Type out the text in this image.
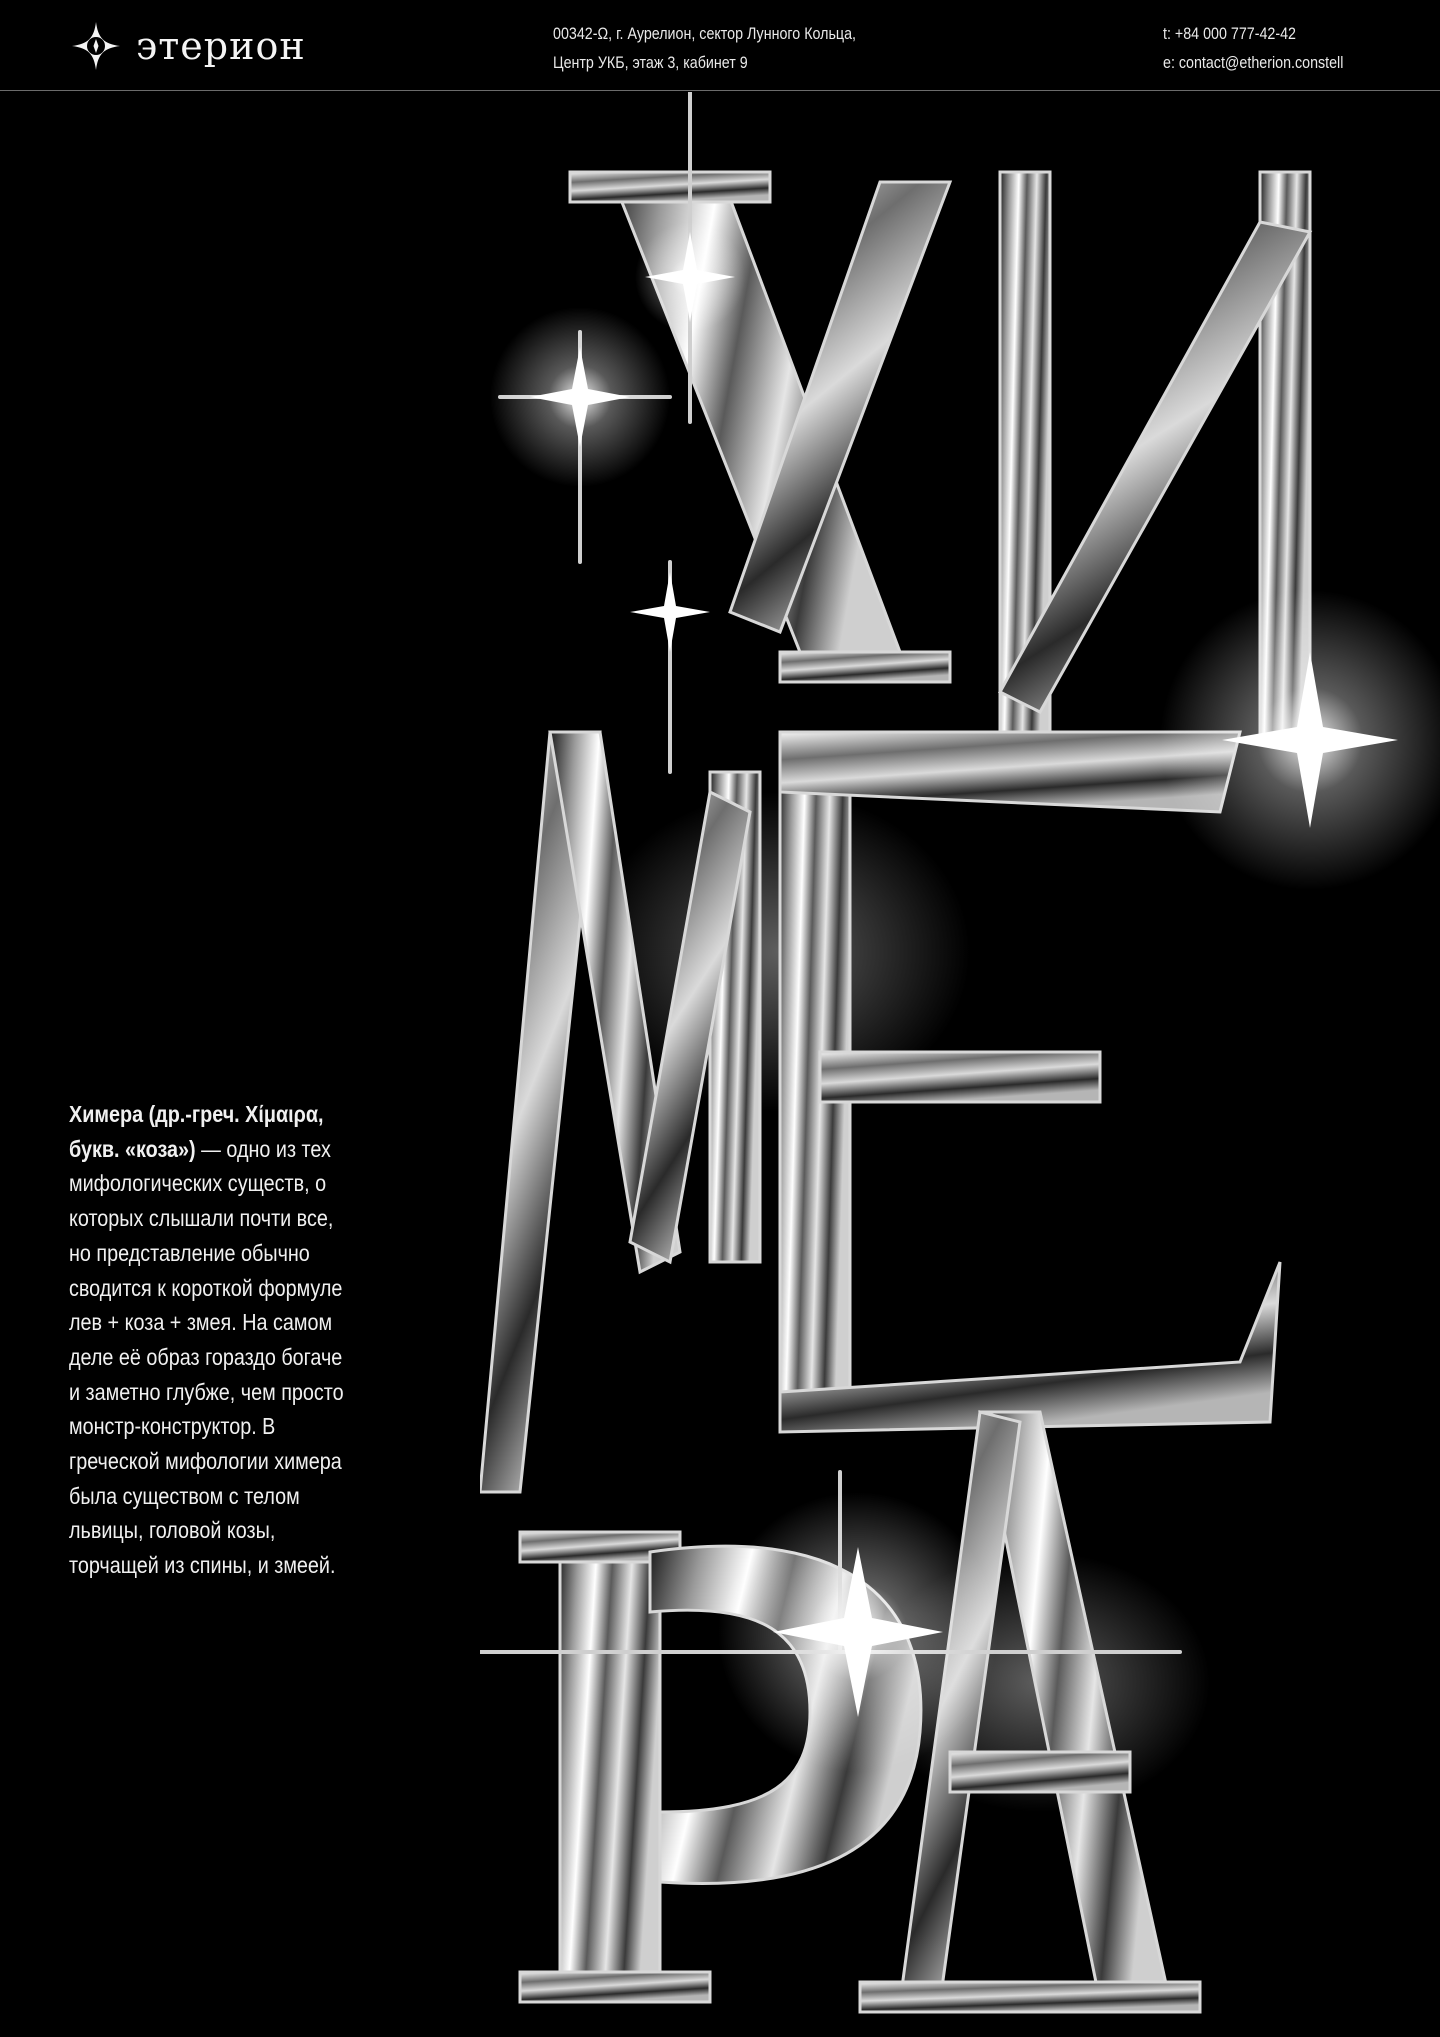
этерион	00342-Ω, г. Аурелион, сектор Лунного Кольца,
Центр УКБ, этаж 3, кабинет 9
t: +84 000 777-42-42
e: contact@etherion.constell

Химера (др.-греч. Χίμαιρα, букв. «коза») — одно из тех мифологических существ, о которых слышали почти все, но представление обычно сводится к короткой формуле лев + коза + змея. На самом деле её образ гораздо богаче и заметно глубже, чем просто монстр-конструктор. В греческой мифологии химера была существом с телом львицы, головой козы, торчащей из спины, и змеей.
